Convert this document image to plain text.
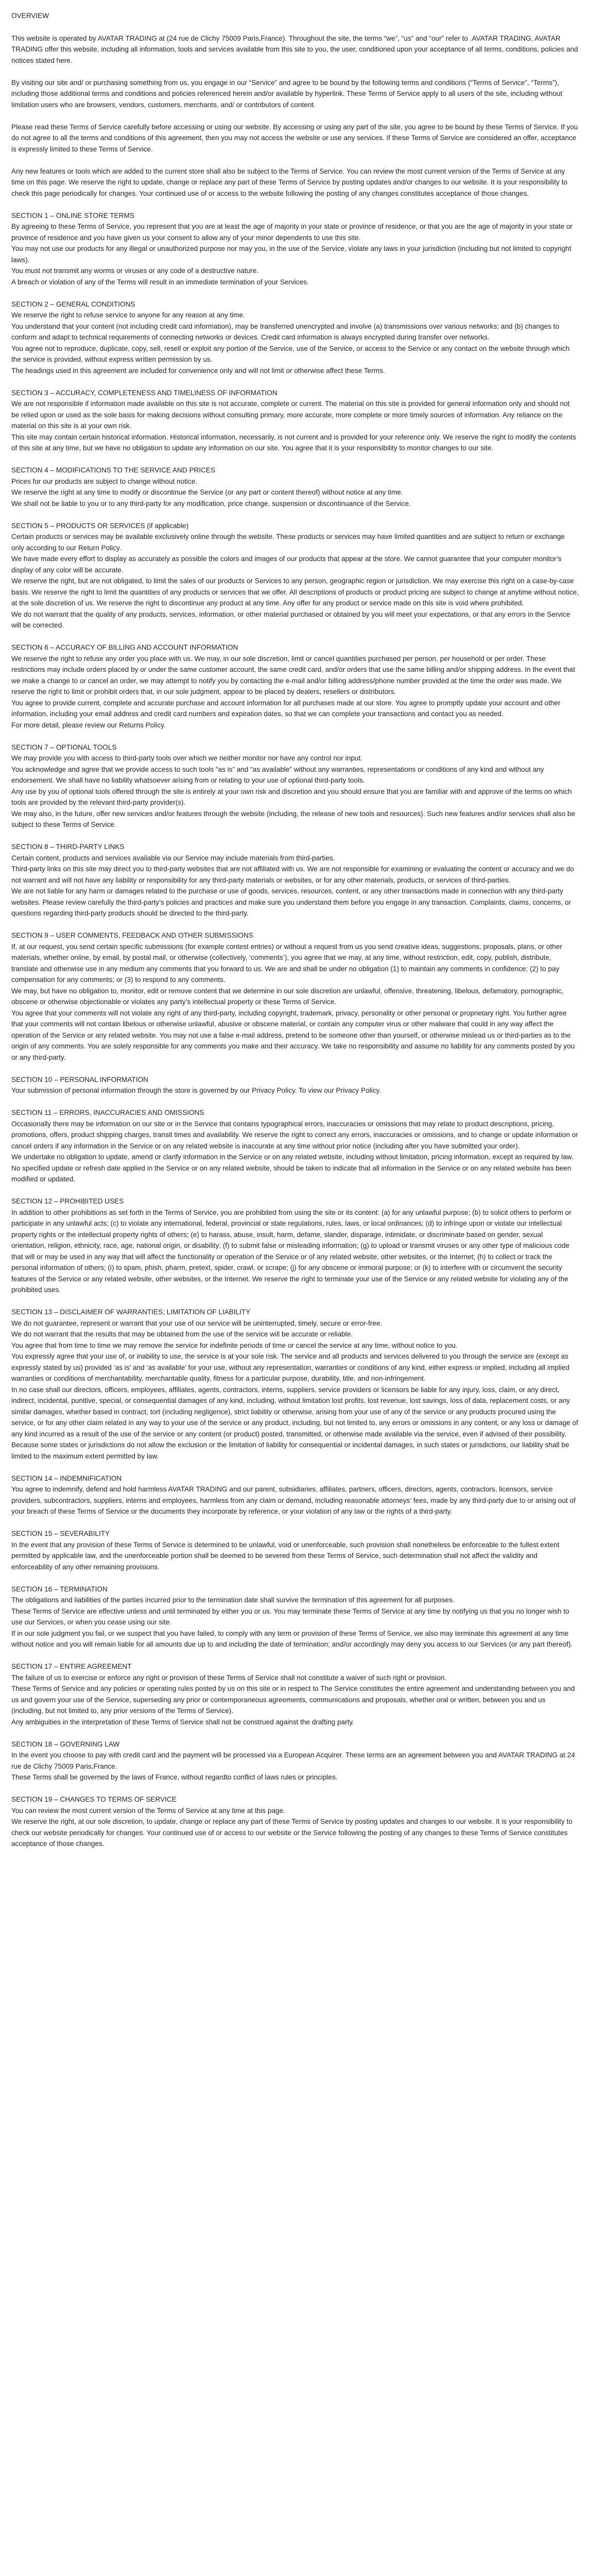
OVERVIEW

This website is operated by AVATAR TRADING at (24 rue de Clichy 75009 Paris,France). Throughout the site, the terms “we”, “us” and “our” refer to .AVATAR TRADING, AVATAR TRADING offer this website, including all information, tools and services available from this site to you, the user, conditioned upon your acceptance of all terms, conditions, policies and notices stated here.

By visiting our site and/ or purchasing something from us, you engage in our “Service” and agree to be bound by the following terms and conditions (“Terms of Service”, “Terms”), including those additional terms and conditions and policies referenced herein and/or available by hyperlink. These Terms of Service apply to all users of the site, including without limitation users who are browsers, vendors, customers, merchants, and/ or contributors of content.

Please read these Terms of Service carefully before accessing or using our website. By accessing or using any part of the site, you agree to be bound by these Terms of Service. If you do not agree to all the terms and conditions of this agreement, then you may not access the website or use any services. If these Terms of Service are considered an offer, acceptance is expressly limited to these Terms of Service.

Any new features or tools which are added to the current store shall also be subject to the Terms of Service. You can review the most current version of the Terms of Service at any time on this page. We reserve the right to update, change or replace any part of these Terms of Service by posting updates and/or changes to our website. It is your responsibility to check this page periodically for changes. Your continued use of or access to the website following the posting of any changes constitutes acceptance of those changes.

SECTION 1 – ONLINE STORE TERMS

By agreeing to these Terms of Service, you represent that you are at least the age of majority in your state or province of residence, or that you are the age of majority in your state or province of residence and you have given us your consent to allow any of your minor dependents to use this site.
You may not use our products for any illegal or unauthorized purpose nor may you, in the use of the Service, violate any laws in your jurisdiction (including but not limited to copyright laws).
You must not transmit any worms or viruses or any code of a destructive nature.
A breach or violation of any of the Terms will result in an immediate termination of your Services.

SECTION 2 – GENERAL CONDITIONS

We reserve the right to refuse service to anyone for any reason at any time.
You understand that your content (not including credit card information), may be transferred unencrypted and involve (a) transmissions over various networks; and (b) changes to conform and adapt to technical requirements of connecting networks or devices. Credit card information is always encrypted during transfer over networks.
You agree not to reproduce, duplicate, copy, sell, resell or exploit any portion of the Service, use of the Service, or access to the Service or any contact on the website through which the service is provided, without express written permission by us.
The headings used in this agreement are included for convenience only and will not limit or otherwise affect these Terms.

SECTION 3 – ACCURACY, COMPLETENESS AND TIMELINESS OF INFORMATION

We are not responsible if information made available on this site is not accurate, complete or current. The material on this site is provided for general information only and should not be relied upon or used as the sole basis for making decisions without consulting primary, more accurate, more complete or more timely sources of information. Any reliance on the material on this site is at your own risk.
This site may contain certain historical information. Historical information, necessarily, is not current and is provided for your reference only. We reserve the right to modify the contents of this site at any time, but we have no obligation to update any information on our site. You agree that it is your responsibility to monitor changes to our site.

SECTION 4 – MODIFICATIONS TO THE SERVICE AND PRICES

Prices for our products are subject to change without notice.
We reserve the right at any time to modify or discontinue the Service (or any part or content thereof) without notice at any time.
We shall not be liable to you or to any third-party for any modification, price change, suspension or discontinuance of the Service.

SECTION 5 – PRODUCTS OR SERVICES (if applicable)

Certain products or services may be available exclusively online through the website. These products or services may have limited quantities and are subject to return or exchange only according to our Return Policy.
We have made every effort to display as accurately as possible the colors and images of our products that appear at the store. We cannot guarantee that your computer monitor’s display of any color will be accurate.
We reserve the right, but are not obligated, to limit the sales of our products or Services to any person, geographic region or jurisdiction. We may exercise this right on a case-by-case basis. We reserve the right to limit the quantities of any products or services that we offer. All descriptions of products or product pricing are subject to change at anytime without notice, at the sole discretion of us. We reserve the right to discontinue any product at any time. Any offer for any product or service made on this site is void where prohibited.
We do not warrant that the quality of any products, services, information, or other material purchased or obtained by you will meet your expectations, or that any errors in the Service will be corrected.

SECTION 6 – ACCURACY OF BILLING AND ACCOUNT INFORMATION

We reserve the right to refuse any order you place with us. We may, in our sole discretion, limit or cancel quantities purchased per person, per household or per order. These restrictions may include orders placed by or under the same customer account, the same credit card, and/or orders that use the same billing and/or shipping address. In the event that we make a change to or cancel an order, we may attempt to notify you by contacting the e‑mail and/or billing address/phone number provided at the time the order was made. We reserve the right to limit or prohibit orders that, in our sole judgment, appear to be placed by dealers, resellers or distributors.
You agree to provide current, complete and accurate purchase and account information for all purchases made at our store. You agree to promptly update your account and other information, including your email address and credit card numbers and expiration dates, so that we can complete your transactions and contact you as needed.
For more detail, please review our Returns Policy.

SECTION 7 – OPTIONAL TOOLS

We may provide you with access to third-party tools over which we neither monitor nor have any control nor input.
You acknowledge and agree that we provide access to such tools ”as is” and “as available” without any warranties, representations or conditions of any kind and without any endorsement. We shall have no liability whatsoever arising from or relating to your use of optional third-party tools.
Any use by you of optional tools offered through the site is entirely at your own risk and discretion and you should ensure that you are familiar with and approve of the terms on which tools are provided by the relevant third-party provider(s).
We may also, in the future, offer new services and/or features through the website (including, the release of new tools and resources). Such new features and/or services shall also be subject to these Terms of Service.

SECTION 8 – THIRD-PARTY LINKS

Certain content, products and services available via our Service may include materials from third-parties.
Third-party links on this site may direct you to third-party websites that are not affiliated with us. We are not responsible for examining or evaluating the content or accuracy and we do not warrant and will not have any liability or responsibility for any third-party materials or websites, or for any other materials, products, or services of third-parties.
We are not liable for any harm or damages related to the purchase or use of goods, services, resources, content, or any other transactions made in connection with any third-party websites. Please review carefully the third-party’s policies and practices and make sure you understand them before you engage in any transaction. Complaints, claims, concerns, or questions regarding third-party products should be directed to the third-party.

SECTION 9 – USER COMMENTS, FEEDBACK AND OTHER SUBMISSIONS

If, at our request, you send certain specific submissions (for example contest entries) or without a request from us you send creative ideas, suggestions, proposals, plans, or other materials, whether online, by email, by postal mail, or otherwise (collectively, ‘comments’), you agree that we may, at any time, without restriction, edit, copy, publish, distribute, translate and otherwise use in any medium any comments that you forward to us. We are and shall be under no obligation (1) to maintain any comments in confidence; (2) to pay compensation for any comments; or (3) to respond to any comments.
We may, but have no obligation to, monitor, edit or remove content that we determine in our sole discretion are unlawful, offensive, threatening, libelous, defamatory, pornographic, obscene or otherwise objectionable or violates any party’s intellectual property or these Terms of Service.
You agree that your comments will not violate any right of any third-party, including copyright, trademark, privacy, personality or other personal or proprietary right. You further agree that your comments will not contain libelous or otherwise unlawful, abusive or obscene material, or contain any computer virus or other malware that could in any way affect the operation of the Service or any related website. You may not use a false e‑mail address, pretend to be someone other than yourself, or otherwise mislead us or third-parties as to the origin of any comments. You are solely responsible for any comments you make and their accuracy. We take no responsibility and assume no liability for any comments posted by you or any third-party.

SECTION 10 – PERSONAL INFORMATION

Your submission of personal information through the store is governed by our Privacy Policy. To view our Privacy Policy.

SECTION 11 – ERRORS, INACCURACIES AND OMISSIONS

Occasionally there may be information on our site or in the Service that contains typographical errors, inaccuracies or omissions that may relate to product descriptions, pricing, promotions, offers, product shipping charges, transit times and availability. We reserve the right to correct any errors, inaccuracies or omissions, and to change or update information or cancel orders if any information in the Service or on any related website is inaccurate at any time without prior notice (including after you have submitted your order).
We undertake no obligation to update, amend or clarify information in the Service or on any related website, including without limitation, pricing information, except as required by law. No specified update or refresh date applied in the Service or on any related website, should be taken to indicate that all information in the Service or on any related website has been modified or updated.

SECTION 12 – PROHIBITED USES

In addition to other prohibitions as set forth in the Terms of Service, you are prohibited from using the site or its content: (a) for any unlawful purpose; (b) to solicit others to perform or participate in any unlawful acts; (c) to violate any international, federal, provincial or state regulations, rules, laws, or local ordinances; (d) to infringe upon or violate our intellectual property rights or the intellectual property rights of others; (e) to harass, abuse, insult, harm, defame, slander, disparage, intimidate, or discriminate based on gender, sexual orientation, religion, ethnicity, race, age, national origin, or disability; (f) to submit false or misleading information; (g) to upload or transmit viruses or any other type of malicious code that will or may be used in any way that will affect the functionality or operation of the Service or of any related website, other websites, or the Internet; (h) to collect or track the personal information of others; (i) to spam, phish, pharm, pretext, spider, crawl, or scrape; (j) for any obscene or immoral purpose; or (k) to interfere with or circumvent the security features of the Service or any related website, other websites, or the Internet. We reserve the right to terminate your use of the Service or any related website for violating any of the prohibited uses.

SECTION 13 – DISCLAIMER OF WARRANTIES; LIMITATION OF LIABILITY

We do not guarantee, represent or warrant that your use of our service will be uninterrupted, timely, secure or error-free.
We do not warrant that the results that may be obtained from the use of the service will be accurate or reliable.
You agree that from time to time we may remove the service for indefinite periods of time or cancel the service at any time, without notice to you.
You expressly agree that your use of, or inability to use, the service is at your sole risk. The service and all products and services delivered to you through the service are (except as expressly stated by us) provided ‘as is’ and ‘as available’ for your use, without any representation, warranties or conditions of any kind, either express or implied, including all implied warranties or conditions of merchantability, merchantable quality, fitness for a particular purpose, durability, title, and non-infringement.
In no case shall our directors, officers, employees, affiliates, agents, contractors, interns, suppliers, service providers or licensors be liable for any injury, loss, claim, or any direct, indirect, incidental, punitive, special, or consequential damages of any kind, including, without limitation lost profits, lost revenue, lost savings, loss of data, replacement costs, or any similar damages, whether based in contract, tort (including negligence), strict liability or otherwise, arising from your use of any of the service or any products procured using the service, or for any other claim related in any way to your use of the service or any product, including, but not limited to, any errors or omissions in any content, or any loss or damage of any kind incurred as a result of the use of the service or any content (or product) posted, transmitted, or otherwise made available via the service, even if advised of their possibility. Because some states or jurisdictions do not allow the exclusion or the limitation of liability for consequential or incidental damages, in such states or jurisdictions, our liability shall be limited to the maximum extent permitted by law.

SECTION 14 – INDEMNIFICATION

You agree to indemnify, defend and hold harmless AVATAR TRADING and our parent, subsidiaries, affiliates, partners, officers, directors, agents, contractors, licensors, service providers, subcontractors, suppliers, interns and employees, harmless from any claim or demand, including reasonable attorneys’ fees, made by any third-party due to or arising out of your breach of these Terms of Service or the documents they incorporate by reference, or your violation of any law or the rights of a third-party.

SECTION 15 – SEVERABILITY

In the event that any provision of these Terms of Service is determined to be unlawful, void or unenforceable, such provision shall nonetheless be enforceable to the fullest extent permitted by applicable law, and the unenforceable portion shall be deemed to be severed from these Terms of Service, such determination shall not affect the validity and enforceability of any other remaining provisions.

SECTION 16 – TERMINATION

The obligations and liabilities of the parties incurred prior to the termination date shall survive the termination of this agreement for all purposes.
These Terms of Service are effective unless and until terminated by either you or us. You may terminate these Terms of Service at any time by notifying us that you no longer wish to use our Services, or when you cease using our site.
If in our sole judgment you fail, or we suspect that you have failed, to comply with any term or provision of these Terms of Service, we also may terminate this agreement at any time without notice and you will remain liable for all amounts due up to and including the date of termination; and/or accordingly may deny you access to our Services (or any part thereof).

SECTION 17 – ENTIRE AGREEMENT

The failure of us to exercise or enforce any right or provision of these Terms of Service shall not constitute a waiver of such right or provision.
These Terms of Service and any policies or operating rules posted by us on this site or in respect to The Service constitutes the entire agreement and understanding between you and us and govern your use of the Service, superseding any prior or contemporaneous agreements, communications and proposals, whether oral or written, between you and us (including, but not limited to, any prior versions of the Terms of Service).
Any ambiguities in the interpretation of these Terms of Service shall not be construed against the drafting party.

SECTION 18 – GOVERNING LAW

In the event you choose to pay with credit card and the payment will be processed via a European Acquirer. These terms are an agreement between you and AVATAR TRADING at 24 rue de Clichy 75009 Paris,France.
These Terms shall be governed by the laws of France, without regardto conflict of laws rules or principles.

SECTION 19 – CHANGES TO TERMS OF SERVICE

You can review the most current version of the Terms of Service at any time at this page.
We reserve the right, at our sole discretion, to update, change or replace any part of these Terms of Service by posting updates and changes to our website. It is your responsibility to check our website periodically for changes. Your continued use of or access to our website or the Service following the posting of any changes to these Terms of Service constitutes acceptance of those changes.
